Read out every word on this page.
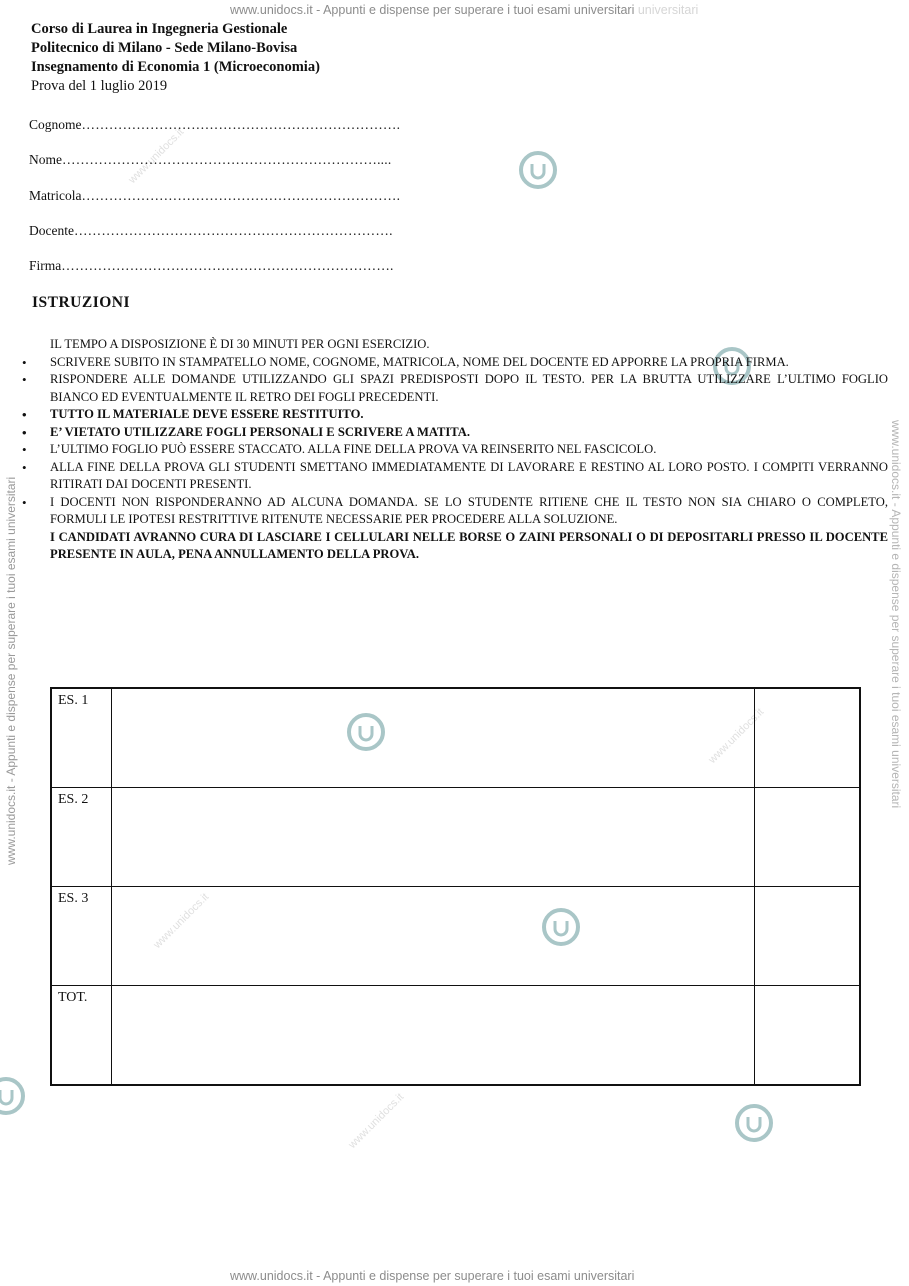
www.unidocs.it - Appunti e dispense per superare i tuoi esami universitari universitari
www.unidocs.it - Appunti e dispense per superare i tuoi esami universitari
www.unidocs.it - Appunti e dispense per superare i tuoi esami universitari	www.unidocs.it - Appunti e dispense per superare i tuoi esami universitari
www.unidocs.it
www.unidocs.it
www.unidocs.it
www.unidocs.it
Corso di Laurea in Ingegneria Gestionale
Politecnico di Milano - Sede Milano-Bovisa
Insegnamento di Economia 1 (Microeconomia)
Prova del 1 luglio 2019
Cognome…………………………………………………………….
Nome……………………………………………………………....
Matricola…………………………………………………………….
Docente…………………………………………………………….
Firma……………………………………………………………….
ISTRUZIONI
IL TEMPO A DISPOSIZIONE È DI 30 MINUTI PER OGNI ESERCIZIO.
• SCRIVERE SUBITO IN STAMPATELLO NOME, COGNOME, MATRICOLA, NOME DEL DOCENTE ED APPORRE LA PROPRIA FIRMA.
• RISPONDERE ALLE DOMANDE UTILIZZANDO GLI SPAZI PREDISPOSTI DOPO IL TESTO. PER LA BRUTTA UTILIZZARE L’ULTIMO FOGLIO BIANCO ED EVENTUALMENTE IL RETRO DEI FOGLI PRECEDENTI.
• TUTTO IL MATERIALE DEVE ESSERE RESTITUITO.
• E’ VIETATO UTILIZZARE FOGLI PERSONALI E SCRIVERE A MATITA.
• L’ULTIMO FOGLIO PUÒ ESSERE STACCATO. ALLA FINE DELLA PROVA VA REINSERITO NEL FASCICOLO.
• ALLA FINE DELLA PROVA GLI STUDENTI SMETTANO IMMEDIATAMENTE DI LAVORARE E RESTINO AL LORO POSTO. I COMPITI VERRANNO RITIRATI DAI DOCENTI PRESENTI.
• I DOCENTI NON RISPONDERANNO AD ALCUNA DOMANDA. SE LO STUDENTE RITIENE CHE IL TESTO NON SIA CHIARO O COMPLETO, FORMULI LE IPOTESI RESTRITTIVE RITENUTE NECESSARIE PER PROCEDERE ALLA SOLUZIONE.
I CANDIDATI AVRANNO CURA DI LASCIARE I CELLULARI NELLE BORSE O ZAINI PERSONALI O DI DEPOSITARLI PRESSO IL DOCENTE PRESENTE IN AULA, PENA ANNULLAMENTO DELLA PROVA.
ES. 1		
ES. 2		
ES. 3		
TOT.		
